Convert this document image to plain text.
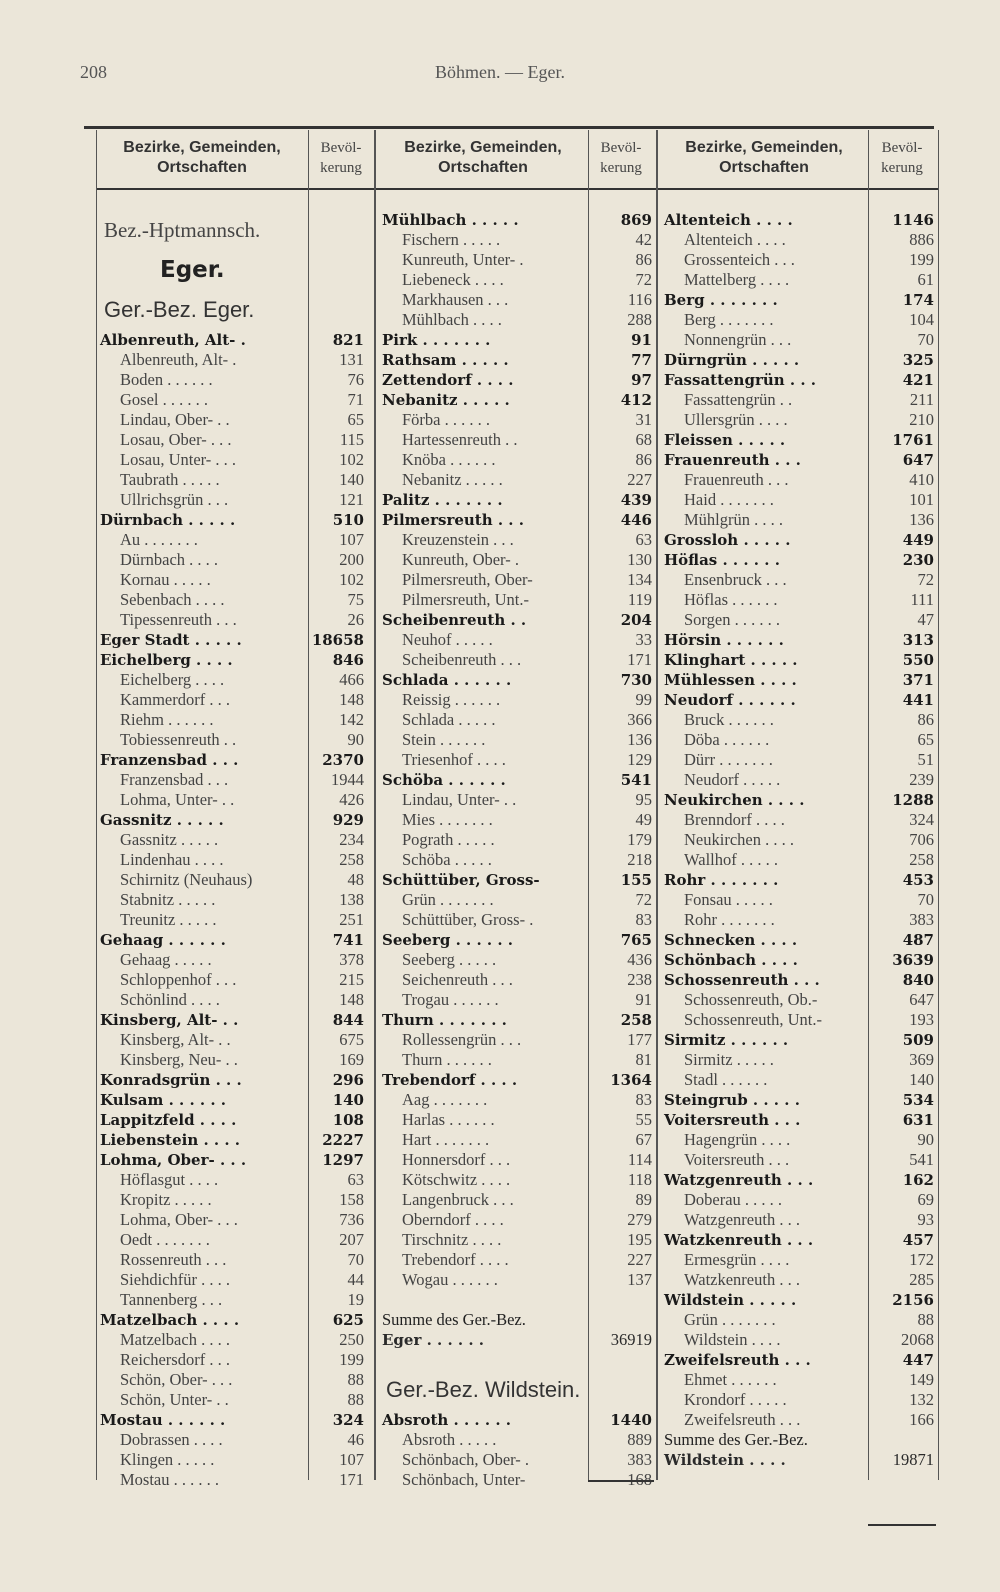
208	Böhmen. — Eger.
Bezirke, Gemeinden,
Ortschaften
Bevöl-
kerung
Bezirke, Gemeinden,
Ortschaften
Bevöl-
kerung
Bezirke, Gemeinden,
Ortschaften
Bevöl-
kerung
Bez.-Hptmannsch.
Eger.
Ger.-Bez. Eger.
Albenreuth, Alt- .	821
Albenreuth, Alt- .	131
Boden . . . . . .	76
Gosel . . . . . .	71
Lindau, Ober- . .	65
Losau, Ober- . . .	115
Losau, Unter- . . .	102
Taubrath . . . . .	140
Ullrichsgrün . . .	121
Dürnbach . . . . .	510
Au . . . . . . .	107
Dürnbach . . . .	200
Kornau . . . . .	102
Sebenbach . . . .	75
Tipessenreuth . . .	26
Eger Stadt . . . . .	18658
Eichelberg . . . .	846
Eichelberg . . . .	466
Kammerdorf . . .	148
Riehm . . . . . .	142
Tobiessenreuth . .	90
Franzensbad . . .	2370
Franzensbad . . .	1944
Lohma, Unter- . .	426
Gassnitz . . . . .	929
Gassnitz . . . . .	234
Lindenhau . . . .	258
Schirnitz (Neuhaus)	48
Stabnitz . . . . .	138
Treunitz . . . . .	251
Gehaag . . . . . .	741
Gehaag . . . . .	378
Schloppenhof . . .	215
Schönlind . . . .	148
Kinsberg, Alt- . .	844
Kinsberg, Alt- . .	675
Kinsberg, Neu- . .	169
Konradsgrün . . .	296
Kulsam . . . . . .	140
Lappitzfeld . . . .	108
Liebenstein . . . .	2227
Lohma, Ober- . . .	1297
Höflasgut . . . .	63
Kropitz . . . . .	158
Lohma, Ober- . . .	736
Oedt . . . . . . .	207
Rossenreuth . . .	70
Siehdichfür . . . .	44
Tannenberg . . .	19
Matzelbach . . . .	625
Matzelbach . . . .	250
Reichersdorf . . .	199
Schön, Ober- . . .	88
Schön, Unter- . .	88
Mostau . . . . . .	324
Dobrassen . . . .	46
Klingen . . . . .	107
Mostau . . . . . .	171
Mühlbach . . . . .	869
Fischern . . . . .	42
Kunreuth, Unter- .	86
Liebeneck . . . .	72
Markhausen . . .	116
Mühlbach . . . .	288
Pirk . . . . . . .	91
Rathsam . . . . .	77
Zettendorf . . . .	97
Nebanitz . . . . .	412
Förba . . . . . .	31
Hartessenreuth . .	68
Knöba . . . . . .	86
Nebanitz . . . . .	227
Palitz . . . . . . .	439
Pilmersreuth . . .	446
Kreuzenstein . . .	63
Kunreuth, Ober- .	130
Pilmersreuth, Ober-	134
Pilmersreuth, Unt.-	119
Scheibenreuth . .	204
Neuhof . . . . .	33
Scheibenreuth . . .	171
Schlada . . . . . .	730
Reissig . . . . . .	99
Schlada . . . . .	366
Stein . . . . . .	136
Triesenhof . . . .	129
Schöba . . . . . .	541
Lindau, Unter- . .	95
Mies . . . . . . .	49
Pograth . . . . .	179
Schöba . . . . .	218
Schüttüber, Gross-	155
Grün . . . . . . .	72
Schüttüber, Gross- .	83
Seeberg . . . . . .	765
Seeberg . . . . .	436
Seichenreuth . . .	238
Trogau . . . . . .	91
Thurn . . . . . . .	258
Rollessengrün . . .	177
Thurn . . . . . .	81
Trebendorf . . . .	1364
Aag . . . . . . .	83
Harlas . . . . . .	55
Hart . . . . . . .	67
Honnersdorf . . .	114
Kötschwitz . . . .	118
Langenbruck . . .	89
Oberndorf . . . .	279
Tirschnitz . . . .	195
Trebendorf . . . .	227
Wogau . . . . . .	137
Summe des Ger.-Bez.
Eger . . . . . .	36919
Ger.-Bez. Wildstein.
Absroth . . . . . .	1440
Absroth . . . . .	889
Schönbach, Ober- .	383
Schönbach, Unter-	168
Altenteich . . . .	1146
Altenteich . . . .	886
Grossenteich . . .	199
Mattelberg . . . .	61
Berg . . . . . . .	174
Berg . . . . . . .	104
Nonnengrün . . .	70
Dürngrün . . . . .	325
Fassattengrün . . .	421
Fassattengrün . .	211
Ullersgrün . . . .	210
Fleissen . . . . .	1761
Frauenreuth . . .	647
Frauenreuth . . .	410
Haid . . . . . . .	101
Mühlgrün . . . .	136
Grossloh . . . . .	449
Höflas . . . . . .	230
Ensenbruck . . .	72
Höflas . . . . . .	111
Sorgen . . . . . .	47
Hörsin . . . . . .	313
Klinghart . . . . .	550
Mühlessen . . . .	371
Neudorf . . . . . .	441
Bruck . . . . . .	86
Döba . . . . . .	65
Dürr . . . . . . .	51
Neudorf . . . . .	239
Neukirchen . . . .	1288
Brenndorf . . . .	324
Neukirchen . . . .	706
Wallhof . . . . .	258
Rohr . . . . . . .	453
Fonsau . . . . .	70
Rohr . . . . . . .	383
Schnecken . . . .	487
Schönbach . . . .	3639
Schossenreuth . . .	840
Schossenreuth, Ob.-	647
Schossenreuth, Unt.-	193
Sirmitz . . . . . .	509
Sirmitz . . . . .	369
Stadl . . . . . .	140
Steingrub . . . . .	534
Voitersreuth . . .	631
Hagengrün . . . .	90
Voitersreuth . . .	541
Watzgenreuth . . .	162
Doberau . . . . .	69
Watzgenreuth . . .	93
Watzkenreuth . . .	457
Ermesgrün . . . .	172
Watzkenreuth . . .	285
Wildstein . . . . .	2156
Grün . . . . . . .	88
Wildstein . . . .	2068
Zweifelsreuth . . .	447
Ehmet . . . . . .	149
Krondorf . . . . .	132
Zweifelsreuth . . .	166
Summe des Ger.-Bez.
Wildstein . . . .	19871
